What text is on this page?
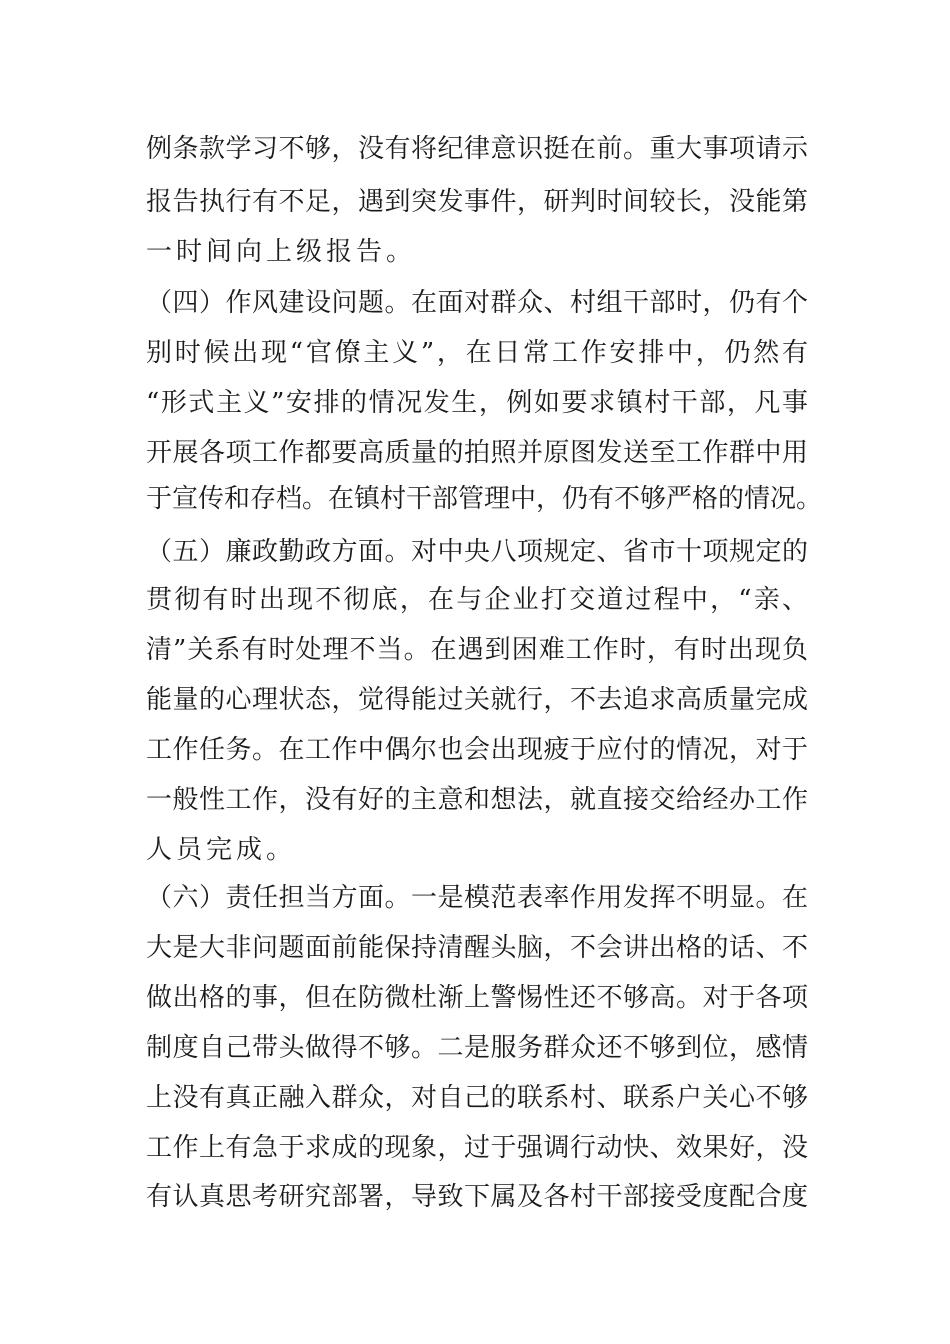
例条款学习不够，没有将纪律意识挺在前。重大事项请示
报告执行有不足，遇到突发事件，研判时间较长，没能第
一时间向上级报告。
（四）作风建设问题。在面对群众、村组干部时，仍有个
别时候出现“官僚主义”，在日常工作安排中，仍然有
“形式主义”安排的情况发生，例如要求镇村干部，凡事
开展各项工作都要高质量的拍照并原图发送至工作群中用
于宣传和存档。在镇村干部管理中，仍有不够严格的情况。
（五）廉政勤政方面。对中央八项规定、省市十项规定的
贯彻有时出现不彻底，在与企业打交道过程中，“亲、
清”关系有时处理不当。在遇到困难工作时，有时出现负
能量的心理状态，觉得能过关就行，不去追求高质量完成
工作任务。在工作中偶尔也会出现疲于应付的情况，对于
一般性工作，没有好的主意和想法，就直接交给经办工作
人员完成。
（六）责任担当方面。一是模范表率作用发挥不明显。在
大是大非问题面前能保持清醒头脑，不会讲出格的话、不
做出格的事，但在防微杜渐上警惕性还不够高。对于各项
制度自己带头做得不够。二是服务群众还不够到位，感情
上没有真正融入群众，对自己的联系村、联系户关心不够
工作上有急于求成的现象，过于强调行动快、效果好，没
有认真思考研究部署，导致下属及各村干部接受度配合度
